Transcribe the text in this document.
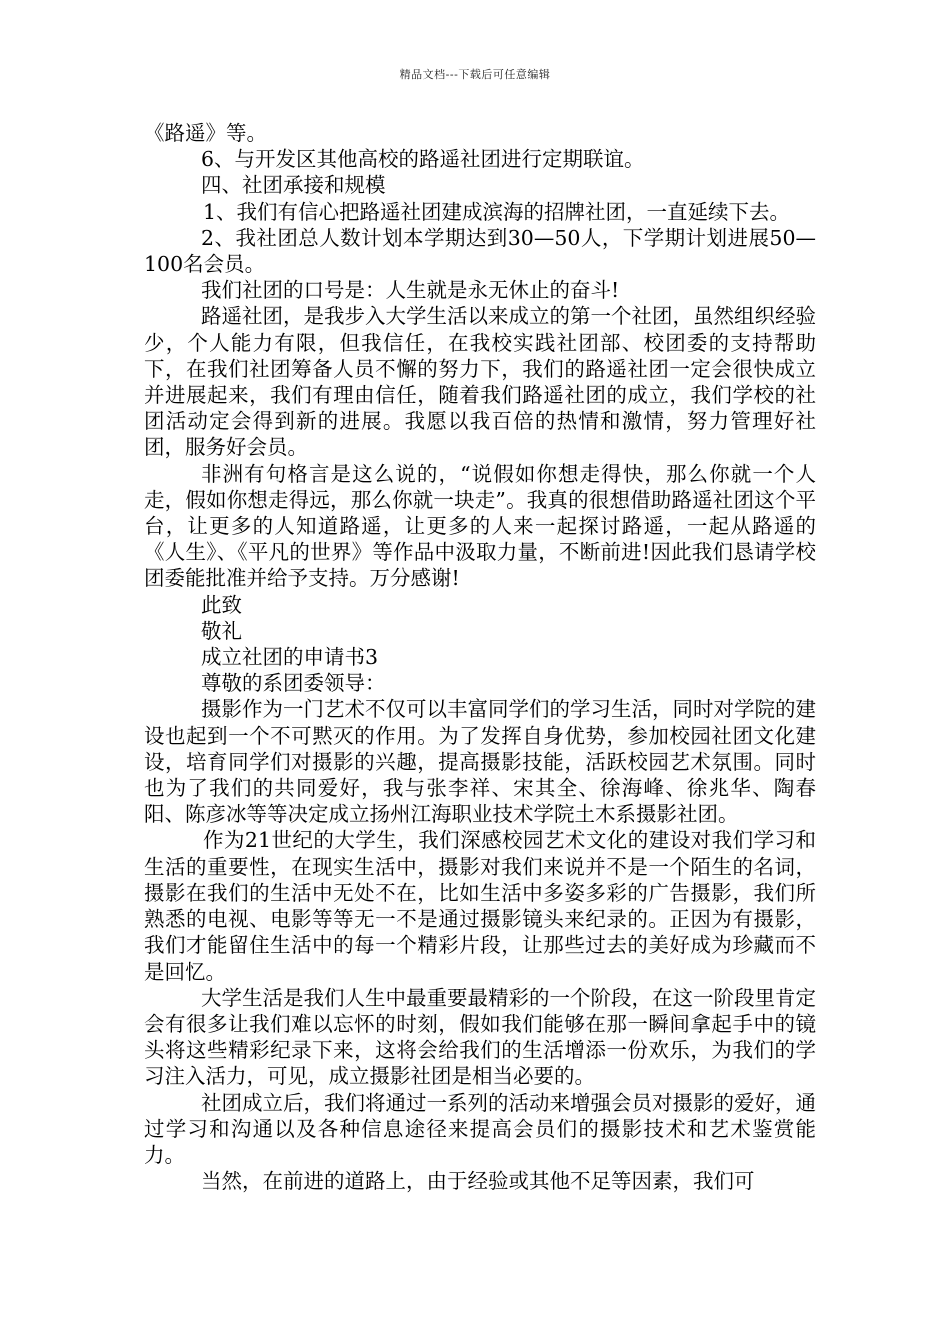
精品文档---下载后可任意编辑

《路遥》等。

6、与开发区其他高校的路遥社团进行定期联谊。

四、社团承接和规模

1、我们有信心把路遥社团建成滨海的招牌社团，一直延续下去。

2、我社团总人数计划本学期达到30—50人，下学期计划进展50—100名会员。

我们社团的口号是：人生就是永无休止的奋斗!

路遥社团，是我步入大学生活以来成立的第一个社团，虽然组织经验少，个人能力有限，但我信任，在我校实践社团部、校团委的支持帮助下，在我们社团筹备人员不懈的努力下，我们的路遥社团一定会很快成立并进展起来，我们有理由信任，随着我们路遥社团的成立，我们学校的社团活动定会得到新的进展。我愿以我百倍的热情和激情，努力管理好社团，服务好会员。

非洲有句格言是这么说的，“说假如你想走得快，那么你就一个人走，假如你想走得远，那么你就一块走”。我真的很想借助路遥社团这个平台，让更多的人知道路遥，让更多的人来一起探讨路遥，一起从路遥的《人生》、《平凡的世界》等作品中汲取力量，不断前进!因此我们恳请学校团委能批准并给予支持。万分感谢!

此致

敬礼

成立社团的申请书3

尊敬的系团委领导：

摄影作为一门艺术不仅可以丰富同学们的学习生活，同时对学院的建设也起到一个不可黙灭的作用。为了发挥自身优势，参加校园社团文化建设，培育同学们对摄影的兴趣，提高摄影技能，活跃校园艺术氛围。同时也为了我们的共同爱好，我与张李祥、宋其全、徐海峰、徐兆华、陶春阳、陈彦冰等等决定成立扬州江海职业技术学院土木系摄影社团。

作为21世纪的大学生，我们深感校园艺术文化的建设对我们学习和生活的重要性，在现实生活中，摄影对我们来说并不是一个陌生的名词，摄影在我们的生活中无处不在，比如生活中多姿多彩的广告摄影，我们所熟悉的电视、电影等等无一不是通过摄影镜头来纪录的。正因为有摄影，我们才能留住生活中的每一个精彩片段，让那些过去的美好成为珍藏而不是回忆。

大学生活是我们人生中最重要最精彩的一个阶段，在这一阶段里肯定会有很多让我们难以忘怀的时刻，假如我们能够在那一瞬间拿起手中的镜头将这些精彩纪录下来，这将会给我们的生活增添一份欢乐，为我们的学习注入活力，可见，成立摄影社团是相当必要的。

社团成立后，我们将通过一系列的活动来增强会员对摄影的爱好，通过学习和沟通以及各种信息途径来提高会员们的摄影技术和艺术鉴赏能力。

当然，在前进的道路上，由于经验或其他不足等因素，我们可
